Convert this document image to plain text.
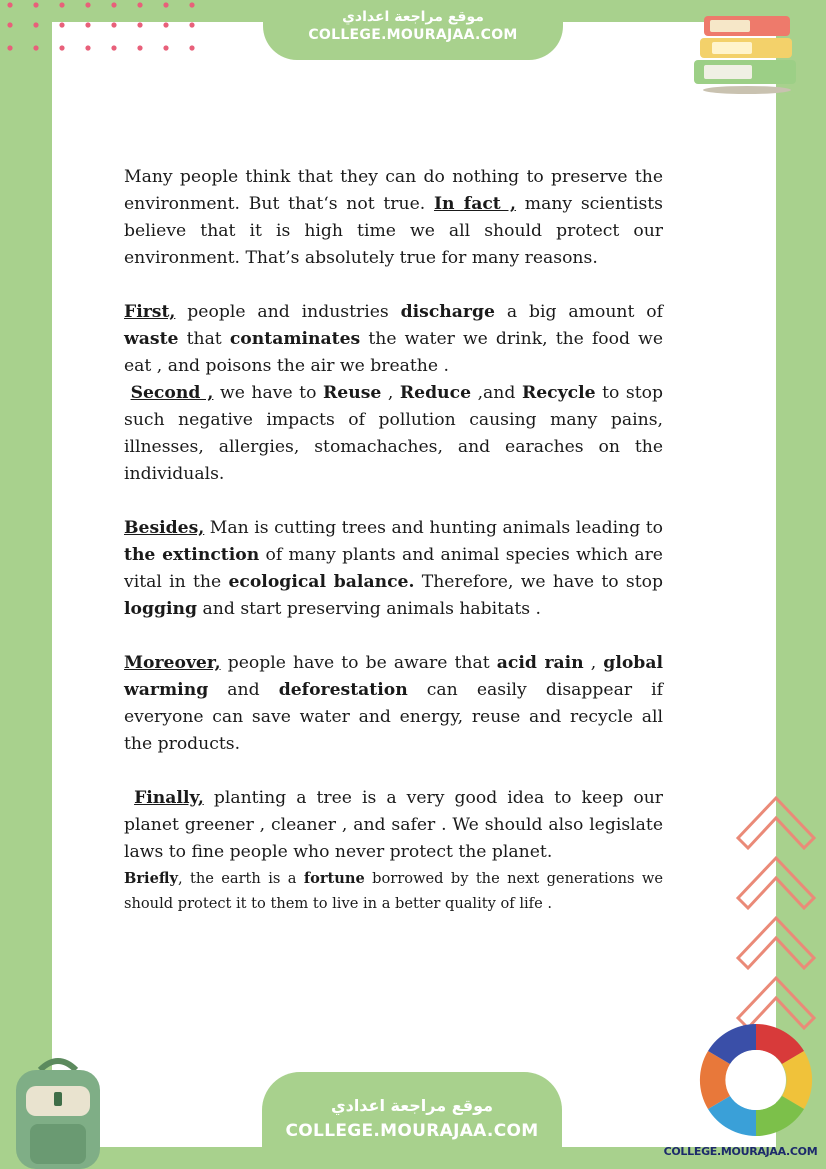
موقع مراجعة اعدادي
COLLEGE.MOURAJAA.COM

Many people think that they can do nothing to preserve the environment. But that‘s not true. In fact , many scientists believe that it is high time we all should protect our environment. That’s absolutely true for many reasons.

First, people and industries discharge a big amount of waste that contaminates the water we drink, the food we eat , and poisons the air we breathe .

Second , we have to Reuse , Reduce ,and Recycle to stop such negative impacts of pollution causing many pains, illnesses, allergies, stomachaches, and earaches on the individuals.

Besides, Man is cutting trees and hunting animals leading to the extinction of many plants and animal species which are vital in the ecological balance. Therefore, we have to stop logging and start preserving animals habitats .

Moreover, people have to be aware that acid rain , global warming and deforestation can easily disappear if everyone can save water and energy, reuse and recycle all the products.

Finally, planting a tree is a very good idea to keep our planet greener , cleaner , and safer . We should also legislate laws to fine people who never protect the planet.

Briefly, the earth is a fortune borrowed by the next generations we should protect it to them to live in a better quality of life .

موقع مراجعة اعدادي
COLLEGE.MOURAJAA.COM
COLLEGE.MOURAJAA.COM
